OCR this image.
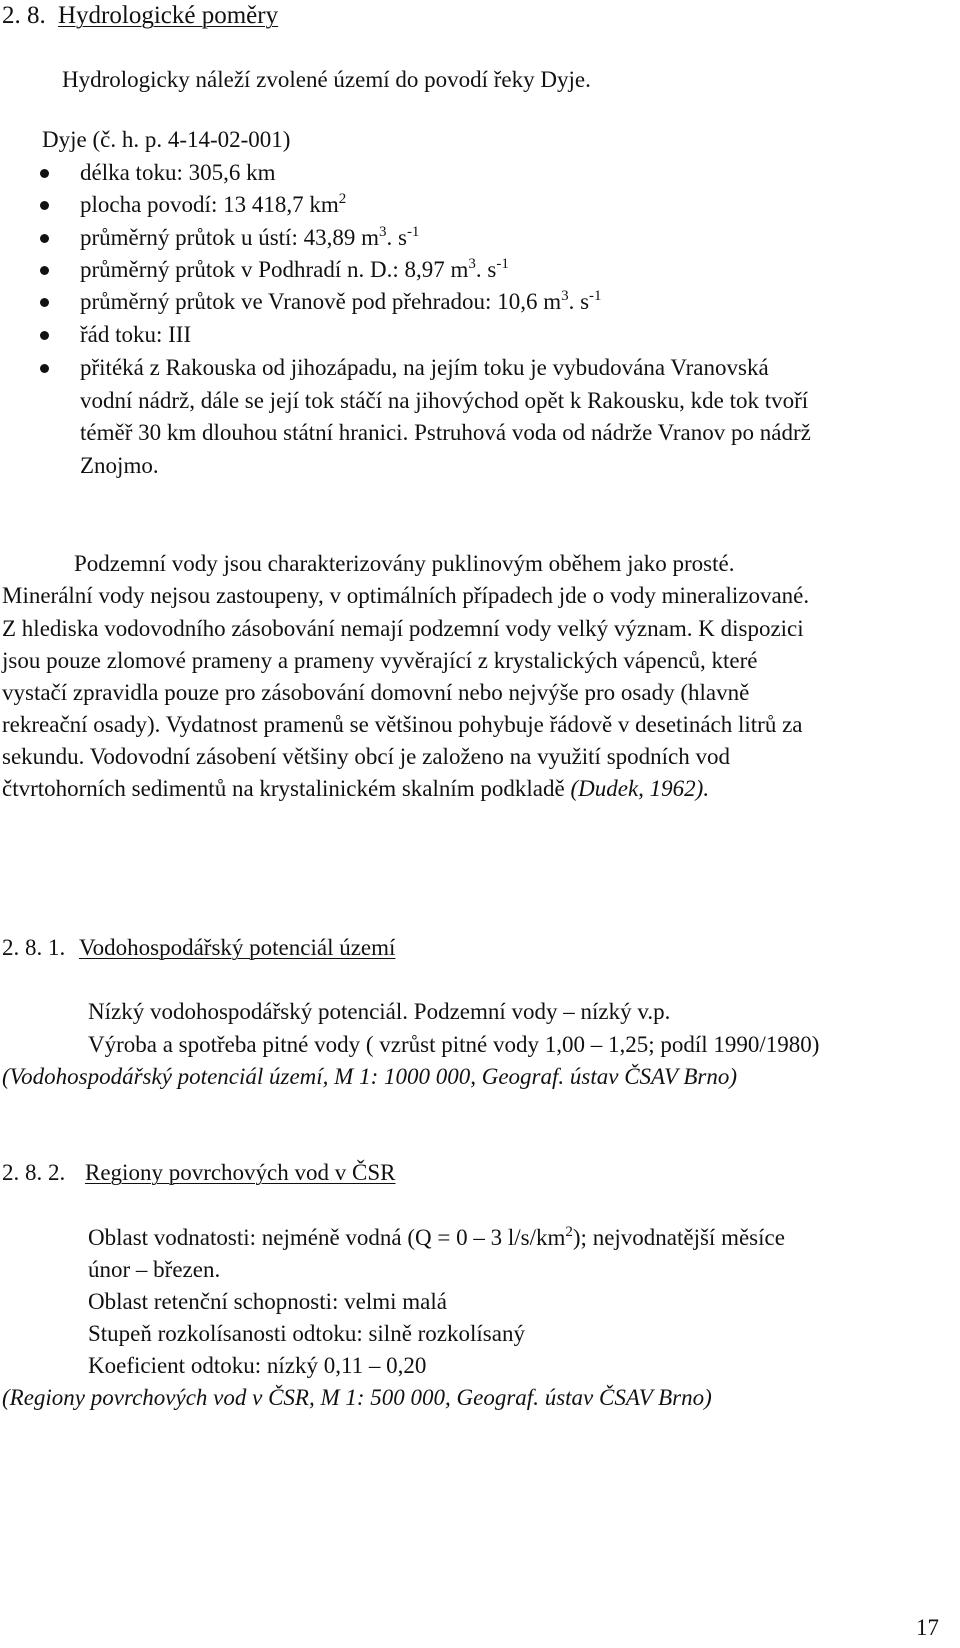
2. 8. Hydrologické poměry
Hydrologicky náleží zvolené území do povodí řeky Dyje.
Dyje (č. h. p. 4-14-02-001)
délka toku: 305,6 km
plocha povodí: 13 418,7 $km^2$
průměrný průtok u ústí: 43,89 $m^3$. $s^{-1}$
průměrný průtok v Podhradí n. D.: 8,97 $m^3$. $s^{-1}$
průměrný průtok ve Vranově pod přehradou: 10,6 $m^3$. $s^{-1}$
řád toku: III
přitéká z Rakouska od jihozápadu, na jejím toku je vybudována Vranovská
vodní nádrž, dále se její tok stáčí na jihovýchod opět k Rakousku, kde tok tvoří
téměř 30 km dlouhou státní hranici. Pstruhová voda od nádrže Vranov po nádrž
Znojmo.
Podzemní vody jsou charakterizovány puklinovým oběhem jako prosté.
Minerální vody nejsou zastoupeny, v optimálních případech jde o vody mineralizované.
Z hlediska vodovodního zásobování nemají podzemní vody velký význam. K dispozici
jsou pouze zlomové prameny a prameny vyvěrající z krystalických vápenců, které
vystačí zpravidla pouze pro zásobování domovní nebo nejvýše pro osady (hlavně
rekreační osady). Vydatnost pramenů se většinou pohybuje řádově v desetinách litrů za
sekundu. Vodovodní zásobení většiny obcí je založeno na využití spodních vod
čtvrtohorních sedimentů na krystalinickém skalním podkladě (Dudek, 1962).
2. 8. 1. Vodohospodářský potenciál území
Nízký vodohospodářský potenciál. Podzemní vody – nízký v.p.
Výroba a spotřeba pitné vody ( vzrůst pitné vody 1,00 – 1,25; podíl 1990/1980)
(Vodohospodářský potenciál území, M 1: 1000 000, Geograf. ústav ČSAV Brno)
2. 8. 2. Regiony povrchových vod v ČSR
Oblast vodnatosti: nejméně vodná (Q = 0 – 3 $l/s/km^2$); nejvodnatější měsíce
únor – březen.
Oblast retenční schopnosti: velmi malá
Stupeň rozkolísanosti odtoku: silně rozkolísaný
Koeficient odtoku: nízký 0,11 – 0,20
(Regiony povrchových vod v ČSR, M 1: 500 000, Geograf. ústav ČSAV Brno)
17
